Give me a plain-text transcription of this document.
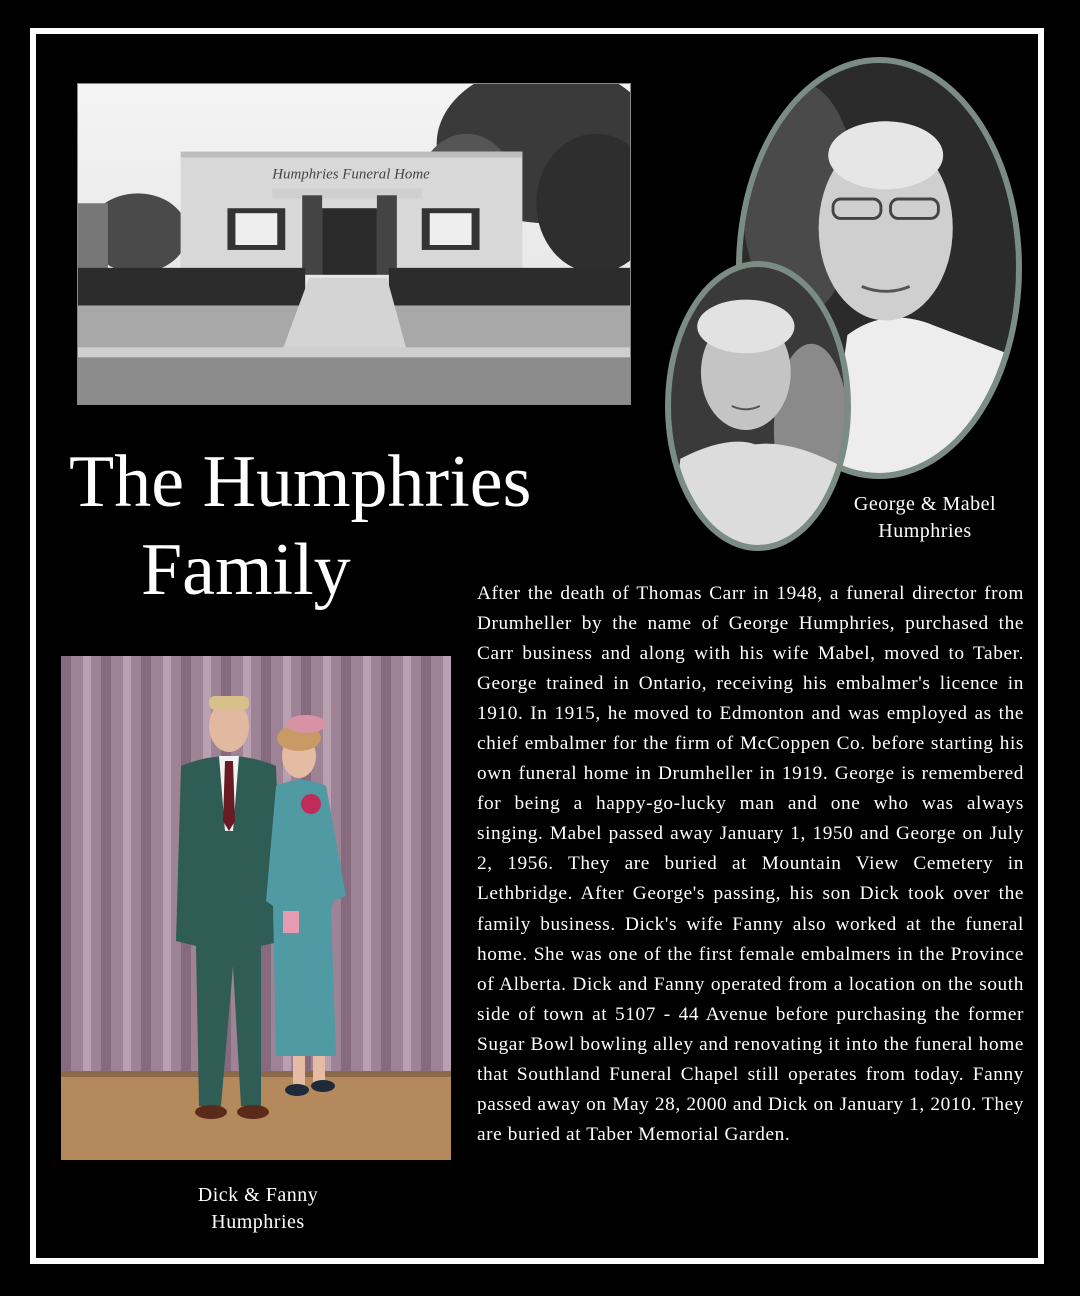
Humphries Funeral Home
George & Mabel
Humphries
The Humphries
Family
Dick & Fanny
Humphries

After the death of Thomas Carr in 1948, a funeral director from Drumheller by the name of George Humphries, purchased the Carr business and along with his wife Mabel, moved to Taber. George trained in Ontario, receiving his embalmer's licence in 1910. In 1915, he moved to Edmonton and was employed as the chief embalmer for the firm of McCoppen Co. before starting his own funeral home in Drumheller in 1919. George is remembered for being a happy-go-lucky man and one who was always singing. Mabel passed away January 1, 1950 and George on July 2, 1956. They are buried at Mountain View Cemetery in Lethbridge. After George's passing, his son Dick took over the family business. Dick's wife Fanny also worked at the funeral home. She was one of the first female embalmers in the Province of Alberta. Dick and Fanny operated from a location on the south side of town at 5107 - 44 Avenue before purchasing the former Sugar Bowl bowling alley and renovating it into the funeral home that Southland Funeral Chapel still operates from today. Fanny passed away on May 28, 2000 and Dick on January 1, 2010. They are buried at Taber Memorial Garden.
